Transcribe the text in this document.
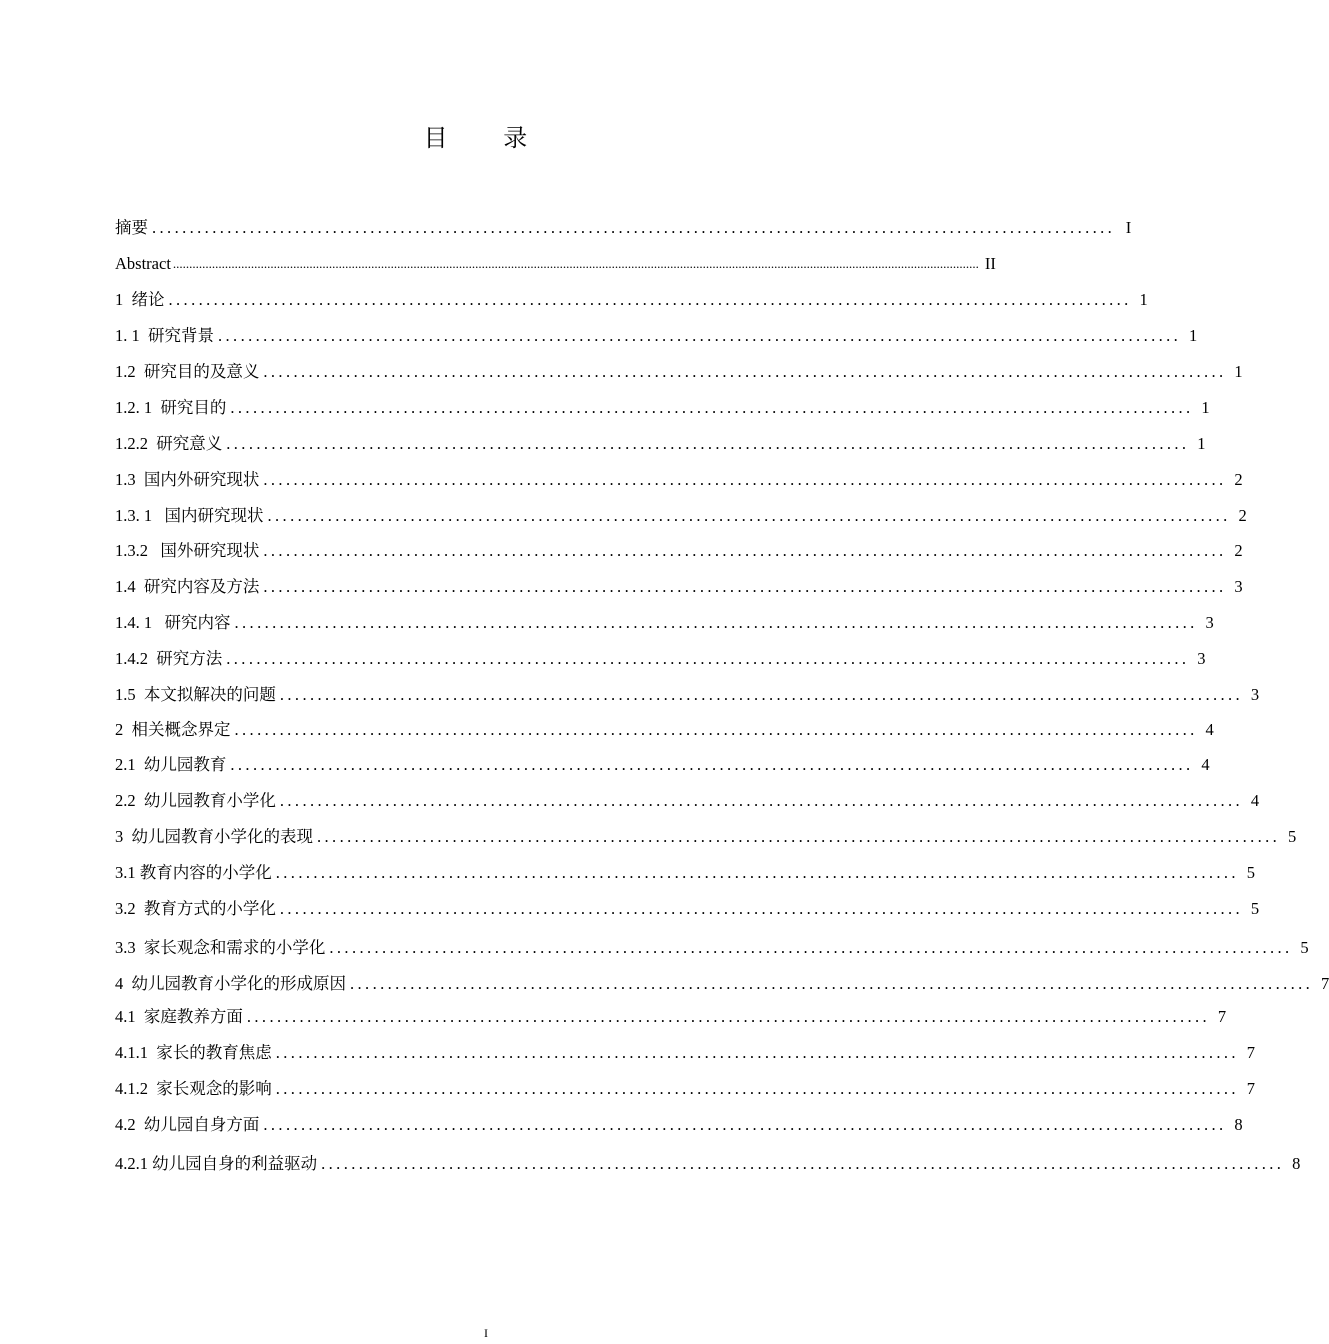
目 录
摘要 ................................................................................................................................ I
Abstract ........................................................................................................................................................................................................................................................ II
1  绪论 ................................................................................................................................ 1
1. 1  研究背景 ................................................................................................................................ 1
1.2  研究目的及意义 ................................................................................................................................ 1
1.2. 1  研究目的 ................................................................................................................................ 1
1.2.2  研究意义 ................................................................................................................................ 1
1.3  国内外研究现状 ................................................................................................................................ 2
1.3. 1   国内研究现状 ................................................................................................................................ 2
1.3.2   国外研究现状 ................................................................................................................................ 2
1.4  研究内容及方法 ................................................................................................................................ 3
1.4. 1   研究内容 ................................................................................................................................ 3
1.4.2  研究方法 ................................................................................................................................ 3
1.5  本文拟解决的问题 ................................................................................................................................ 3
2  相关概念界定 ................................................................................................................................ 4
2.1  幼儿园教育 ................................................................................................................................ 4
2.2  幼儿园教育小学化 ................................................................................................................................ 4
3  幼儿园教育小学化的表现 ................................................................................................................................ 5
3.1 教育内容的小学化 ................................................................................................................................ 5
3.2  教育方式的小学化 ................................................................................................................................ 5
3.3  家长观念和需求的小学化 ................................................................................................................................ 5
4  幼儿园教育小学化的形成原因 ................................................................................................................................ 7
4.1  家庭教养方面 ................................................................................................................................ 7
4.1.1  家长的教育焦虑 ................................................................................................................................ 7
4.1.2  家长观念的影响 ................................................................................................................................ 7
4.2  幼儿园自身方面 ................................................................................................................................ 8
4.2.1 幼儿园自身的利益驱动 ................................................................................................................................ 8
I
